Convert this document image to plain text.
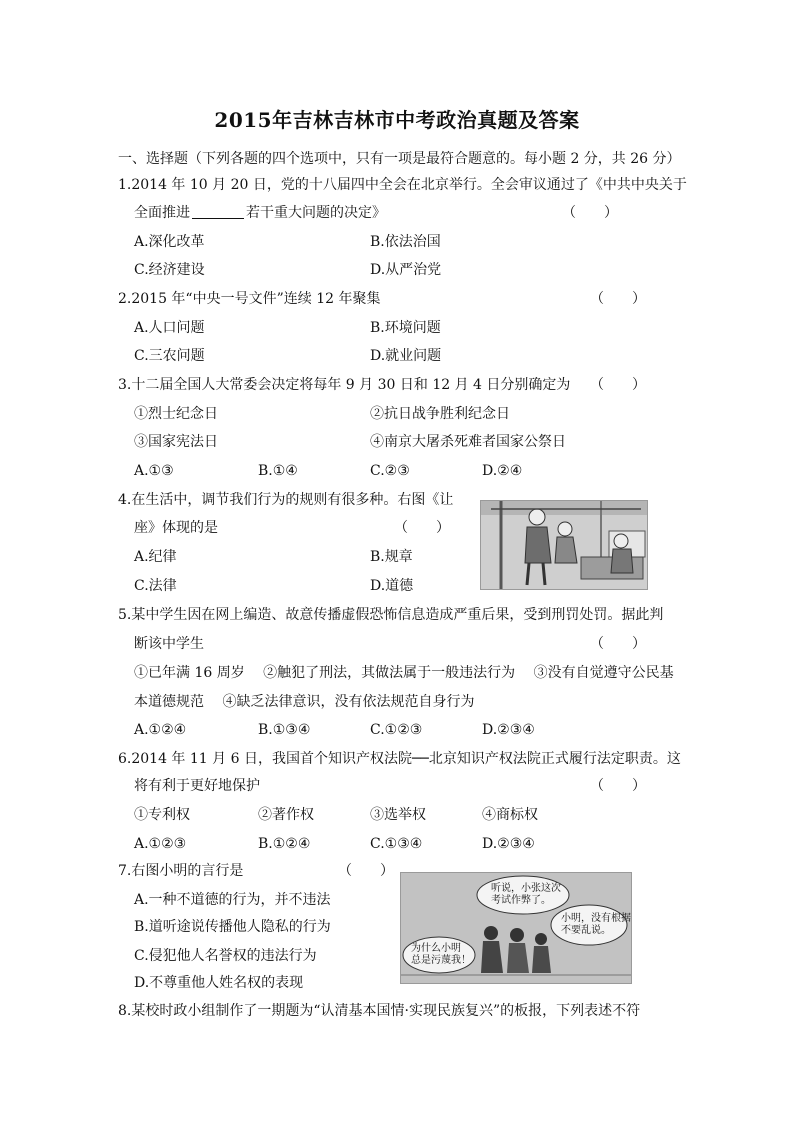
2015年吉林吉林市中考政治真题及答案
一、选择题（下列各题的四个选项中，只有一项是最符合题意的。每小题 2 分，共 26 分）
1.2014 年 10 月 20 日，党的十八届四中全会在北京举行。全会审议通过了《中共中央关于
全面推进	若干重大问题的决定》	（　　）
A.深化改革	B.依法治国
C.经济建设	D.从严治党
2.2015 年“中央一号文件”连续 12 年聚集	（　　）
A.人口问题	B.环境问题
C.三农问题	D.就业问题
3.十二届全国人大常委会决定将每年 9 月 30 日和 12 月 4 日分别确定为 （　　）
①烈士纪念日	②抗日战争胜利纪念日
③国家宪法日	④南京大屠杀死难者国家公祭日
A.①③	B.①④	C.②③	D.②④
4.在生活中，调节我们行为的规则有很多种。右图《让
座》体现的是	（　　）
A.纪律	B.规章
C.法律	D.道德
5.某中学生因在网上编造、故意传播虚假恐怖信息造成严重后果，受到刑罚处罚。据此判
断该中学生	（　　）
①已年满 16 周岁　 ②触犯了刑法，其做法属于一般违法行为　 ③没有自觉遵守公民基
本道德规范　 ④缺乏法律意识，没有依法规范自身行为
A.①②④	B.①③④	C.①②③	D.②③④
6.2014 年 11 月 6 日，我国首个知识产权法院──北京知识产权法院正式履行法定职责。这
将有利于更好地保护	（　　）
①专利权	②著作权	③选举权	④商标权
A.①②③	B.①②④	C.①③④	D.②③④
7.右图小明的言行是	（　　）
A.一种不道德的行为，并不违法
B.道听途说传播他人隐私的行为
C.侵犯他人名誉权的违法行为
D.不尊重他人姓名权的表现
听说，小张这次
考试作弊了。
小明，没有根据
不要乱说。
为什么小明
总是污蔑我！
8.某校时政小组制作了一期题为“认清基本国情·实现民族复兴”的板报，下列表述不符
